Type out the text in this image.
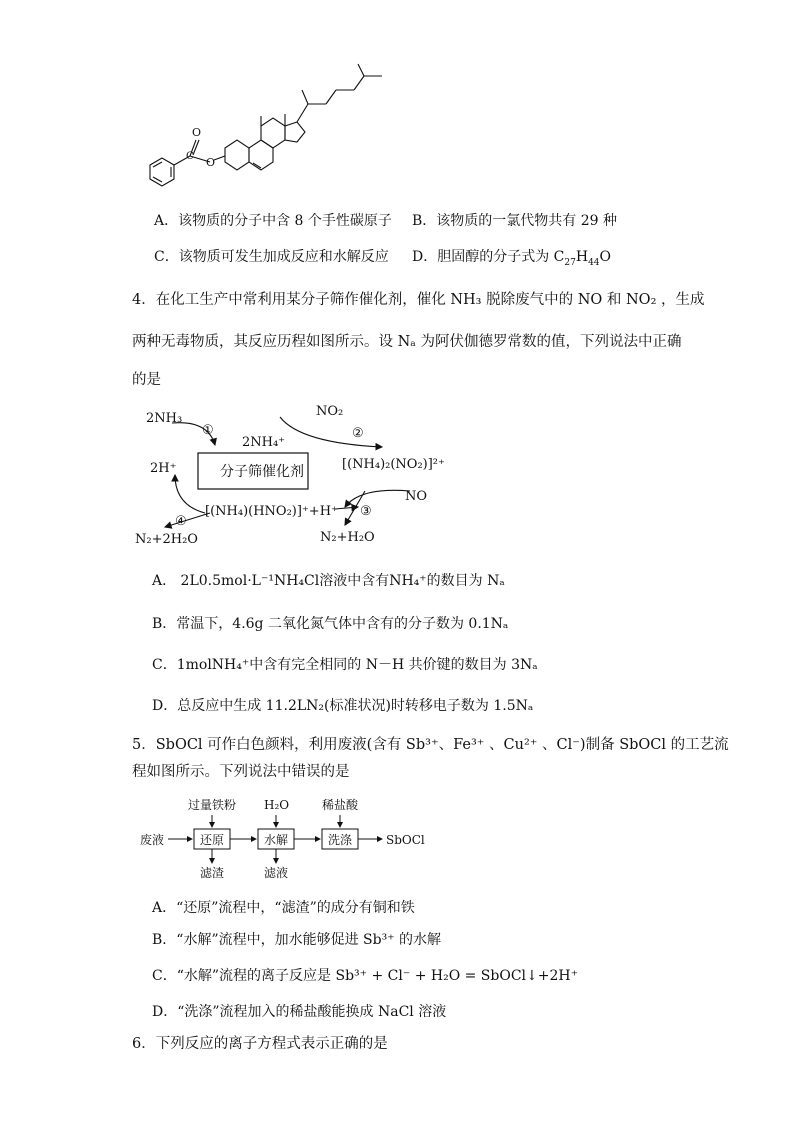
O
O
C
A．该物质的分子中含 8 个手性碳原子 B．该物质的一氯代物共有 29 种
C．该物质可发生加成反应和水解反应 D．胆固醇的分子式为 $C_{27}H_{44}O$
4．在化工生产中常利用某分子筛作催化剂，催化 NH₃ 脱除废气中的 NO 和 NO₂ ，生成
两种无毒物质，其反应历程如图所示。设 Nₐ 为阿伏伽德罗常数的值，下列说法中正确
的是
分子筛催化剂
2NH₃
①
2NH₄⁺
NO₂
②
[(NH₄)₂(NO₂)]²⁺
2H⁺
NO
[(NH₄)(HNO₂)]⁺+H⁺ ③
④
N₂+2H₂O	N₂+H₂O
A． 2L0.5mol·L⁻¹NH₄Cl溶液中含有NH₄⁺的数目为 Nₐ
B．常温下，4.6g 二氧化氮气体中含有的分子数为 0.1Nₐ
C．1molNH₄⁺中含有完全相同的 N－H 共价键的数目为 3Nₐ
D．总反应中生成 11.2LN₂(标准状况)时转移电子数为 1.5Nₐ
5．SbOCl 可作白色颜料，利用废液(含有 Sb³⁺、Fe³⁺ 、Cu²⁺ 、Cl⁻)制备 SbOCl 的工艺流
程如图所示。下列说法中错误的是
废液
过量铁粉
还原
滤渣
H₂O
水解
滤液
稀盐酸
洗涤	SbOCl
A．“还原”流程中，“滤渣”的成分有铜和铁
B．“水解”流程中，加水能够促进 Sb³⁺ 的水解
C．“水解”流程的离子反应是 Sb³⁺ + Cl⁻ + H₂O = SbOCl↓+2H⁺
D．“洗涤”流程加入的稀盐酸能换成 NaCl 溶液
6．下列反应的离子方程式表示正确的是
